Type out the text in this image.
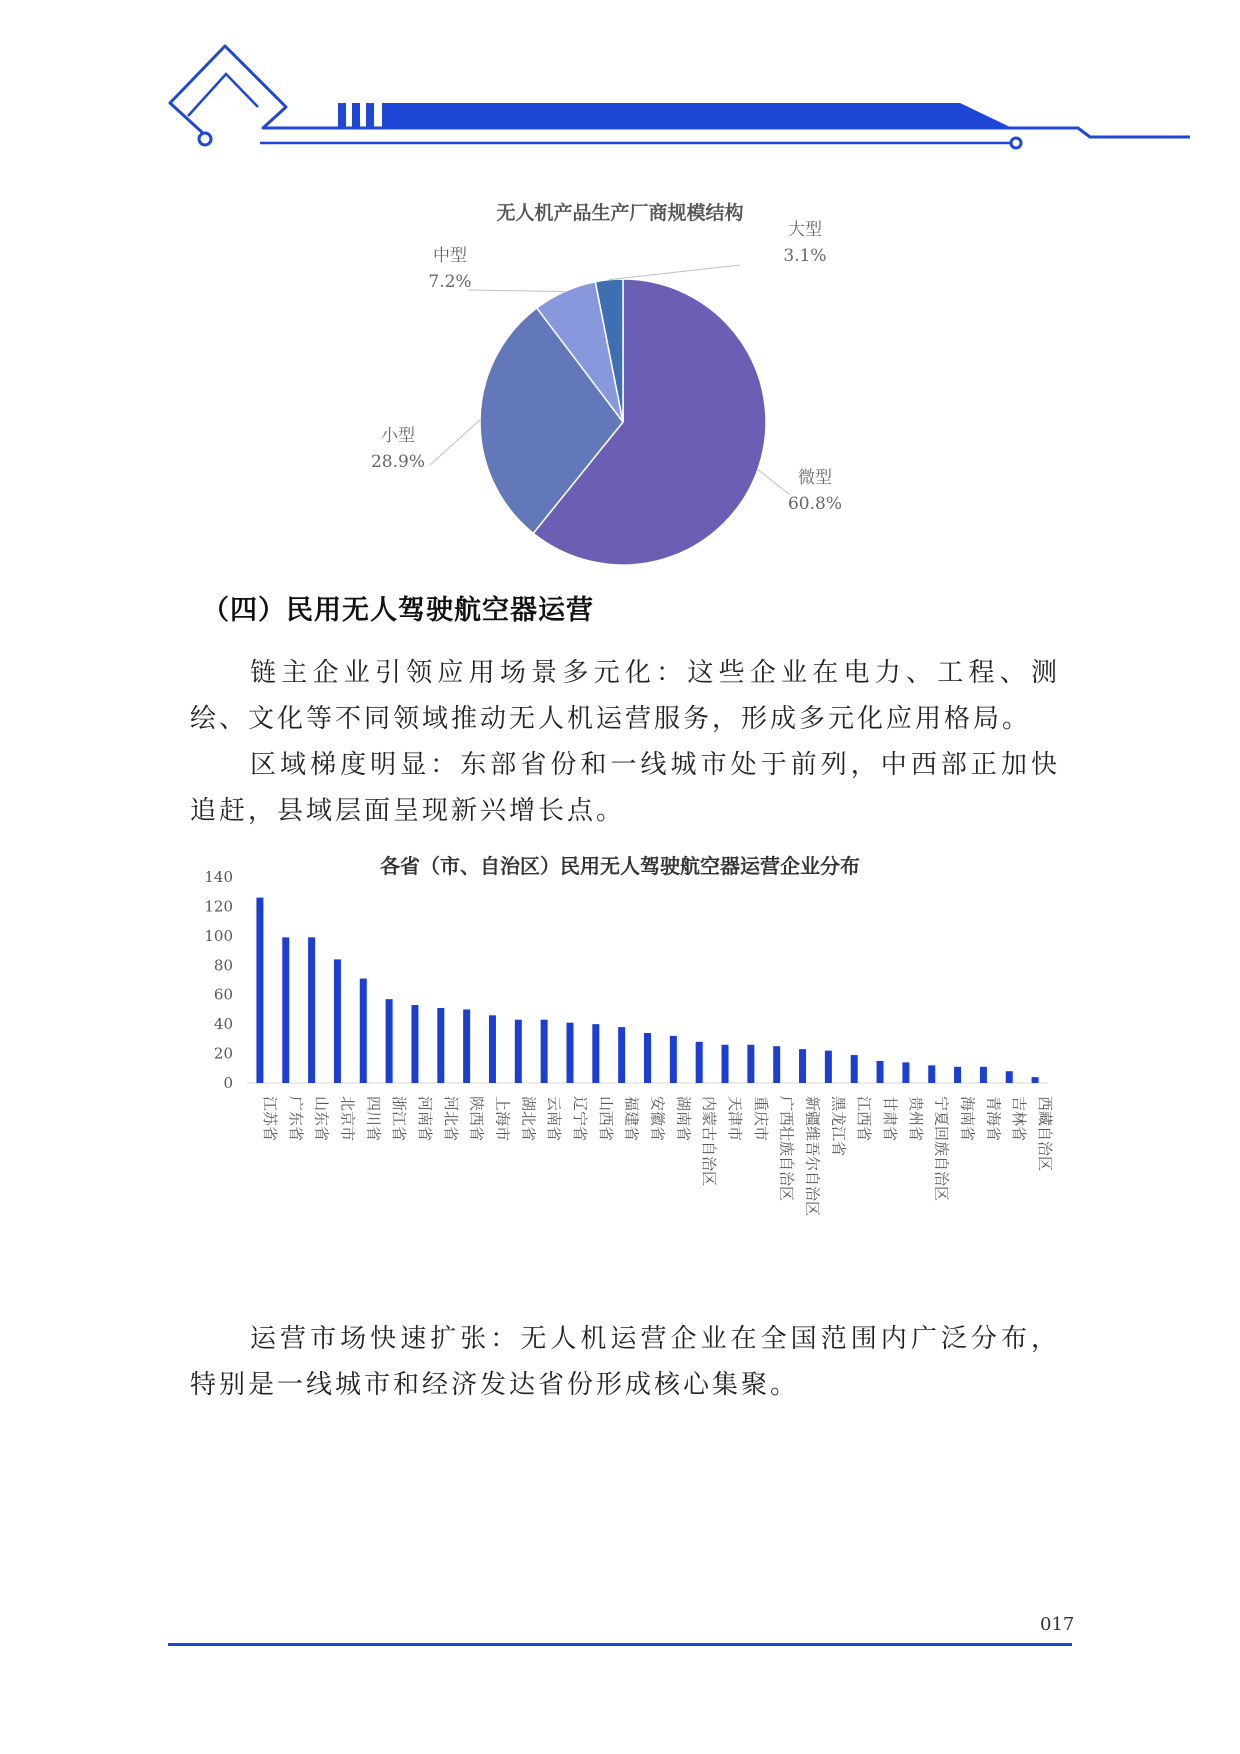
无人机产品生产厂商规模结构
微型
60.8%
小型
28.9%
中型
7.2%
大型
3.1%
（四）民用无人驾驶航空器运营

链主企业引领应用场景多元化：这些企业在电力、工程、测绘、文化等不同领域推动无人机运营服务，形成多元化应用格局。

区域梯度明显：东部省份和一线城市处于前列，中西部正加快追赶，县域层面呈现新兴增长点。

各省（市、自治区）民用无人驾驶航空器运营企业分布
0
20
40
60
80
100
120
140
江苏省 广东省 山东省 北京市 四川省 浙江省 河南省 河北省 陕西省 上海市 湖北省 云南省 辽宁省 山西省 福建省 安徽省 湖南省 内蒙古自治区 天津市 重庆市 广西壮族自治区 新疆维吾尔自治区 黑龙江省 江西省 甘肃省 贵州省 宁夏回族自治区 海南省 青海省 吉林省 西藏自治区

运营市场快速扩张：无人机运营企业在全国范围内广泛分布，特别是一线城市和经济发达省份形成核心集聚。

017
